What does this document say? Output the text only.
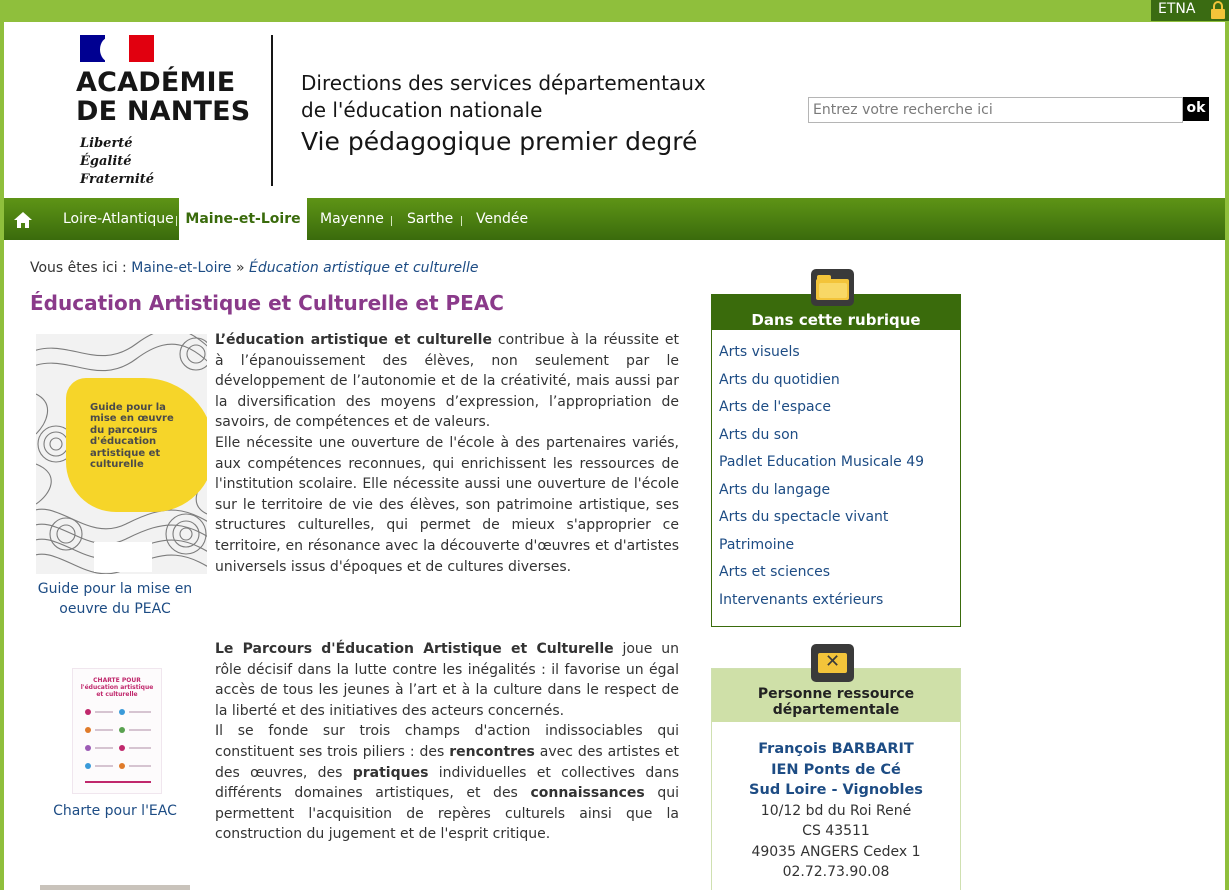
ETNA
ACADÉMIE
DE NANTES
Liberté
Égalité
Fraternité
Directions des services départementaux
de l'éducation nationale
Vie pédagogique premier degré
Entrez votre recherche ici	ok
Loire-Atlantique Maine-et-Loire	Mayenne Sarthe Vendée
Vous êtes ici : Maine-et-Loire » Éducation artistique et culturelle
Éducation Artistique et Culturelle et PEAC
Guide pour la mise en œuvre du parcours d'éducation artistique et culturelle
Guide pour la mise en oeuvre du PEAC
L’éducation artistique et culturelle contribue à la réussite et à l’épanouissement des élèves, non seulement par le développement de l’autonomie et de la créativité, mais aussi par la diversification des moyens d’expression, l’appropriation de savoirs, de compétences et de valeurs.
Elle nécessite une ouverture de l'école à des partenaires variés, aux compétences reconnues, qui enrichissent les ressources de l'institution scolaire. Elle nécessite aussi une ouverture de l'école sur le territoire de vie des élèves, son patrimoine artistique, ses structures culturelles, qui permet de mieux s'approprier ce territoire, en résonance avec la découverte d'œuvres et d'artistes universels issus d'époques et de cultures diverses.
CHARTE POUR l'éducation artistique et culturelle
Charte pour l'EAC
Le Parcours d'Éducation Artistique et Culturelle joue un rôle décisif dans la lutte contre les inégalités : il favorise un égal accès de tous les jeunes à l’art et à la culture dans le respect de la liberté et des initiatives des acteurs concernés.
Il se fonde sur trois champs d'action indissociables qui constituent ses trois piliers : des rencontres avec des artistes et des œuvres, des pratiques individuelles et collectives dans différents domaines artistiques, et des connaissances qui permettent l'acquisition de repères culturels ainsi que la construction du jugement et de l'esprit critique.
Dans cette rubrique
Arts visuels
Arts du quotidien
Arts de l'espace
Arts du son
Padlet Education Musicale 49
Arts du langage
Arts du spectacle vivant
Patrimoine
Arts et sciences
Intervenants extérieurs
Personne ressource départementale
✕
François BARBARIT
IEN Ponts de Cé
Sud Loire - Vignobles
10/12 bd du Roi René
CS 43511
49035 ANGERS Cedex 1
02.72.73.90.08
